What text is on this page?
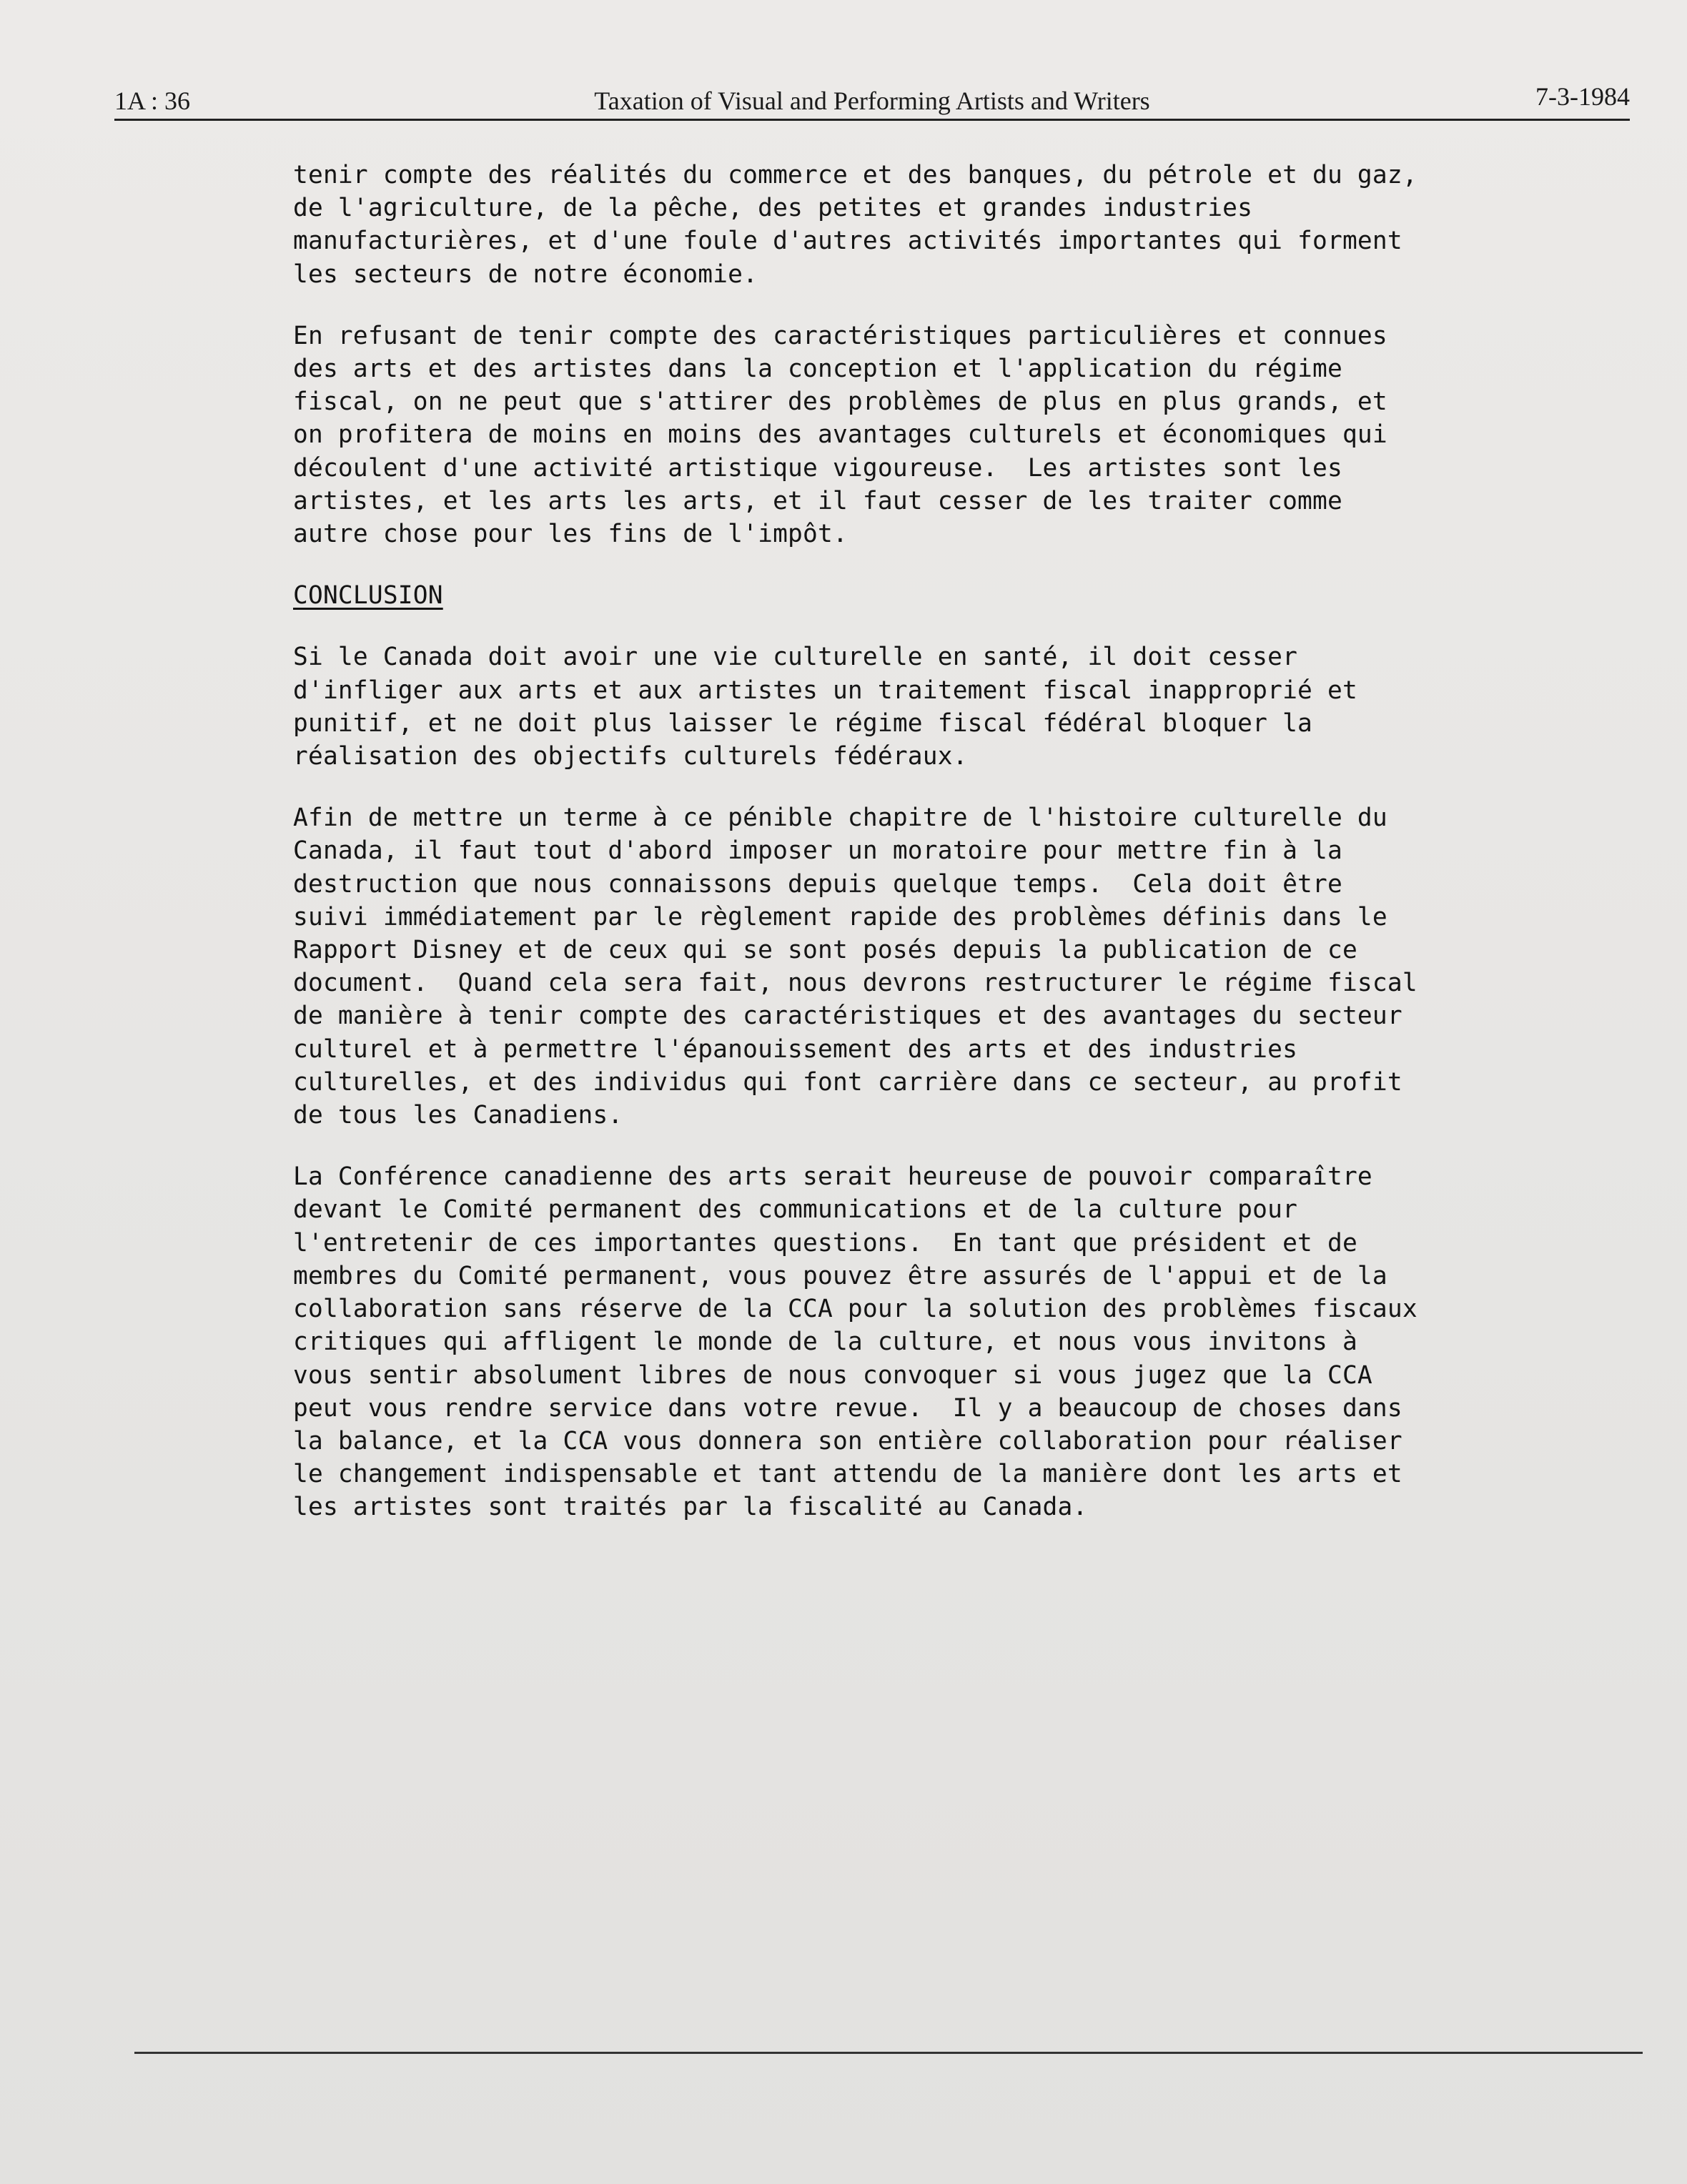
1A : 36	Taxation of Visual and Performing Artists and Writers	7-3-1984
tenir compte des réalités du commerce et des banques, du pétrole et du gaz,
de l'agriculture, de la pêche, des petites et grandes industries
manufacturières, et d'une foule d'autres activités importantes qui forment
les secteurs de notre économie.
En refusant de tenir compte des caractéristiques particulières et connues
des arts et des artistes dans la conception et l'application du régime
fiscal, on ne peut que s'attirer des problèmes de plus en plus grands, et
on profitera de moins en moins des avantages culturels et économiques qui
découlent d'une activité artistique vigoureuse.  Les artistes sont les
artistes, et les arts les arts, et il faut cesser de les traiter comme
autre chose pour les fins de l'impôt.
CONCLUSION
Si le Canada doit avoir une vie culturelle en santé, il doit cesser
d'infliger aux arts et aux artistes un traitement fiscal inapproprié et
punitif, et ne doit plus laisser le régime fiscal fédéral bloquer la
réalisation des objectifs culturels fédéraux.
Afin de mettre un terme à ce pénible chapitre de l'histoire culturelle du
Canada, il faut tout d'abord imposer un moratoire pour mettre fin à la
destruction que nous connaissons depuis quelque temps.  Cela doit être
suivi immédiatement par le règlement rapide des problèmes définis dans le
Rapport Disney et de ceux qui se sont posés depuis la publication de ce
document.  Quand cela sera fait, nous devrons restructurer le régime fiscal
de manière à tenir compte des caractéristiques et des avantages du secteur
culturel et à permettre l'épanouissement des arts et des industries
culturelles, et des individus qui font carrière dans ce secteur, au profit
de tous les Canadiens.
La Conférence canadienne des arts serait heureuse de pouvoir comparaître
devant le Comité permanent des communications et de la culture pour
l'entretenir de ces importantes questions.  En tant que président et de
membres du Comité permanent, vous pouvez être assurés de l'appui et de la
collaboration sans réserve de la CCA pour la solution des problèmes fiscaux
critiques qui affligent le monde de la culture, et nous vous invitons à
vous sentir absolument libres de nous convoquer si vous jugez que la CCA
peut vous rendre service dans votre revue.  Il y a beaucoup de choses dans
la balance, et la CCA vous donnera son entière collaboration pour réaliser
le changement indispensable et tant attendu de la manière dont les arts et
les artistes sont traités par la fiscalité au Canada.
